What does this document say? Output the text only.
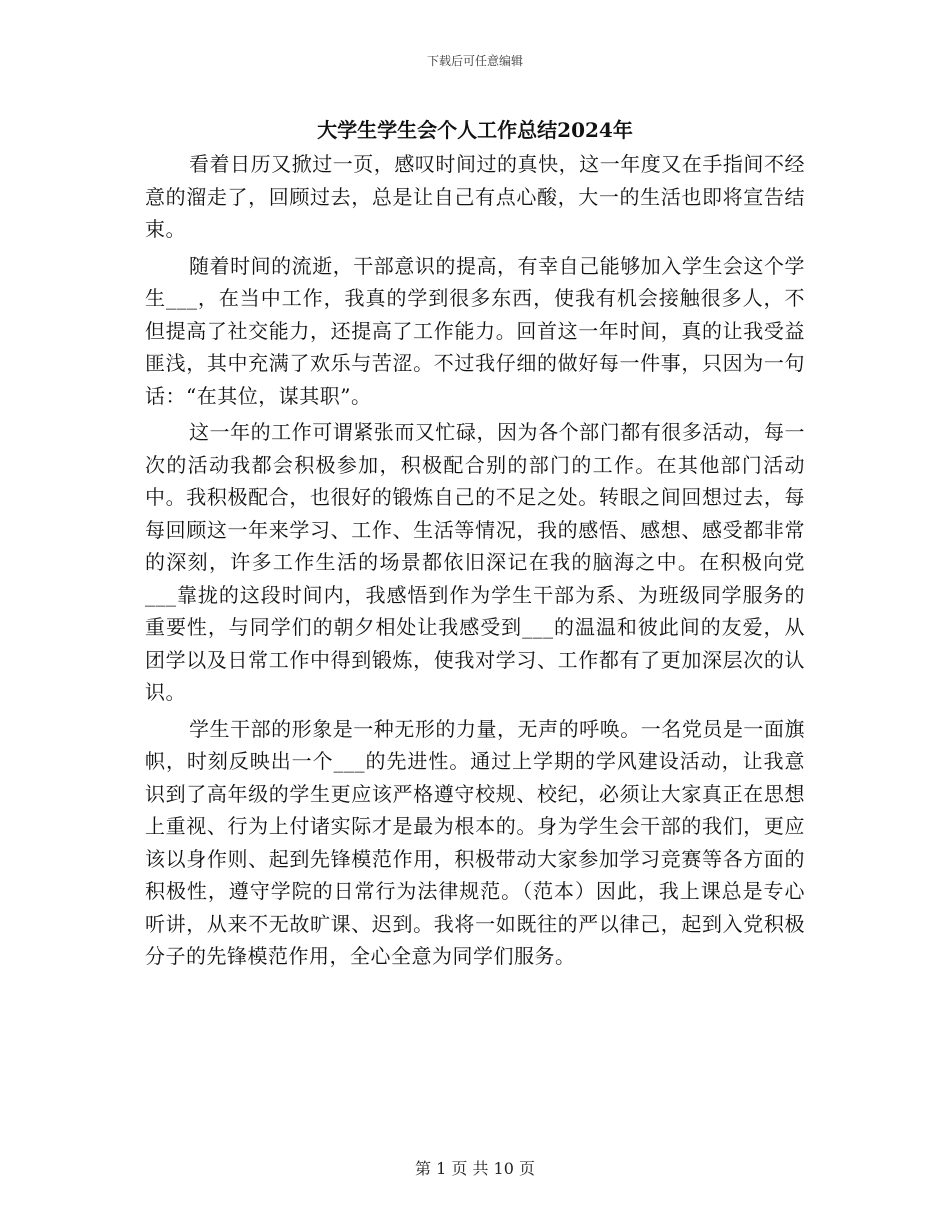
下载后可任意编辑
大学生学生会个人工作总结2024年

看着日历又掀过一页，感叹时间过的真快，这一年度又在手指间不经意的溜走了，回顾过去，总是让自己有点心酸，大一的生活也即将宣告结束。

随着时间的流逝，干部意识的提高，有幸自己能够加入学生会这个学生___，在当中工作，我真的学到很多东西，使我有机会接触很多人，不但提高了社交能力，还提高了工作能力。回首这一年时间，真的让我受益匪浅，其中充满了欢乐与苦涩。不过我仔细的做好每一件事，只因为一句话：“在其位，谋其职”。

这一年的工作可谓紧张而又忙碌，因为各个部门都有很多活动，每一次的活动我都会积极参加，积极配合别的部门的工作。在其他部门活动中。我积极配合，也很好的锻炼自己的不足之处。转眼之间回想过去，每每回顾这一年来学习、工作、生活等情况，我的感悟、感想、感受都非常的深刻，许多工作生活的场景都依旧深记在我的脑海之中。在积极向党___靠拢的这段时间内，我感悟到作为学生干部为系、为班级同学服务的重要性，与同学们的朝夕相处让我感受到___的温温和彼此间的友爱，从团学以及日常工作中得到锻炼，使我对学习、工作都有了更加深层次的认识。

学生干部的形象是一种无形的力量，无声的呼唤。一名党员是一面旗帜，时刻反映出一个___的先进性。通过上学期的学风建设活动，让我意识到了高年级的学生更应该严格遵守校规、校纪，必须让大家真正在思想上重视、行为上付诸实际才是最为根本的。身为学生会干部的我们，更应该以身作则、起到先锋模范作用，积极带动大家参加学习竞赛等各方面的积极性，遵守学院的日常行为法律规范。（范本）因此，我上课总是专心听讲，从来不无故旷课、迟到。我将一如既往的严以律己，起到入党积极分子的先锋模范作用，全心全意为同学们服务。

第 1 页 共 10 页
